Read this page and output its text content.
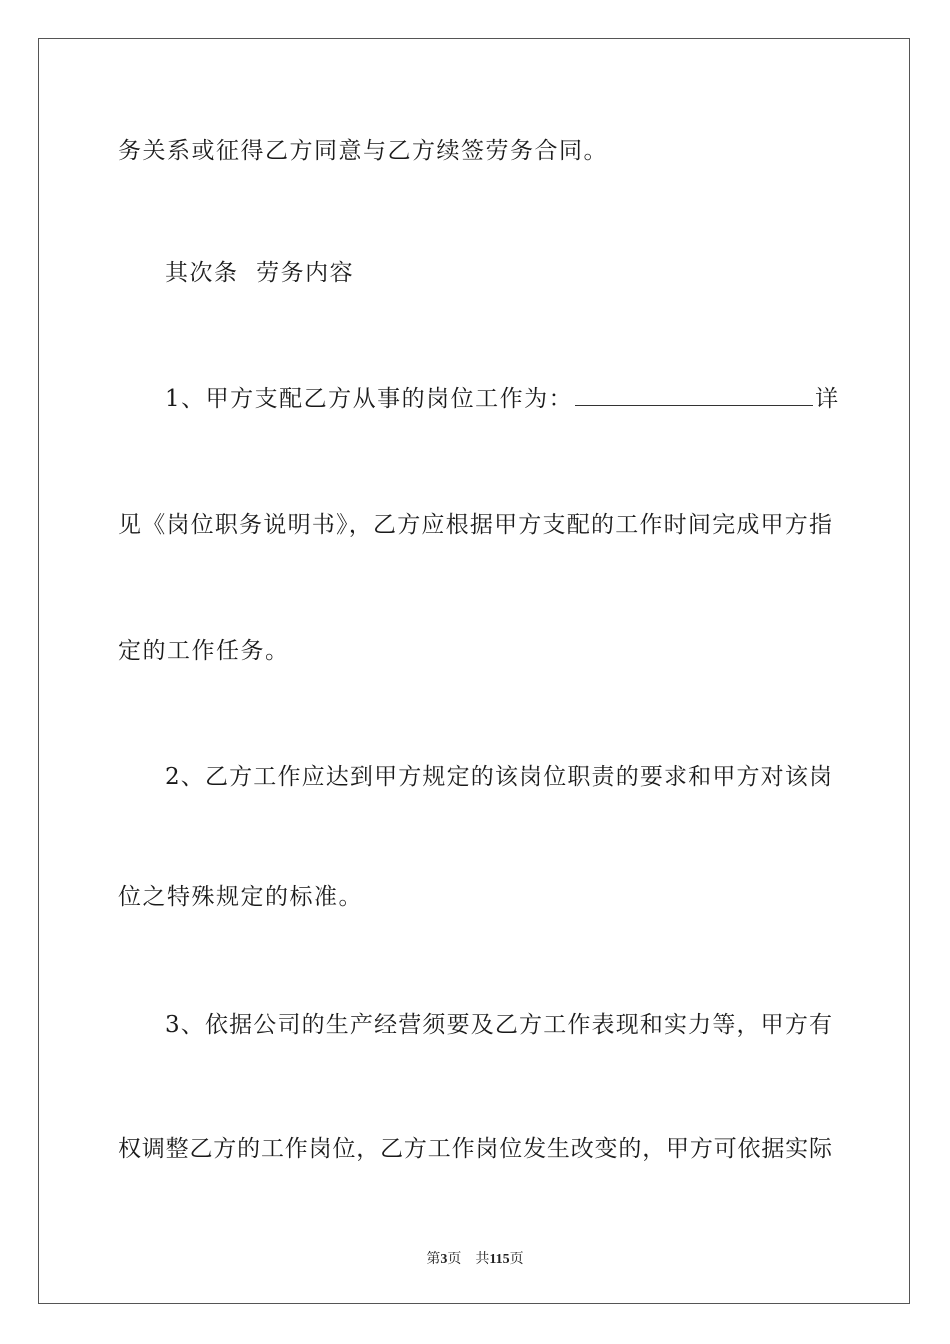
务关系或征得乙方同意与乙方续签劳务合同。
其次条  劳务内容
1、甲方支配乙方从事的岗位工作为：	详
见《岗位职务说明书》，乙方应根据甲方支配的工作时间完成甲方指
定的工作任务。
2、乙方工作应达到甲方规定的该岗位职责的要求和甲方对该岗
位之特殊规定的标准。
3、依据公司的生产经营须要及乙方工作表现和实力等，甲方有
权调整乙方的工作岗位，乙方工作岗位发生改变的，甲方可依据实际
第3页 共115页
